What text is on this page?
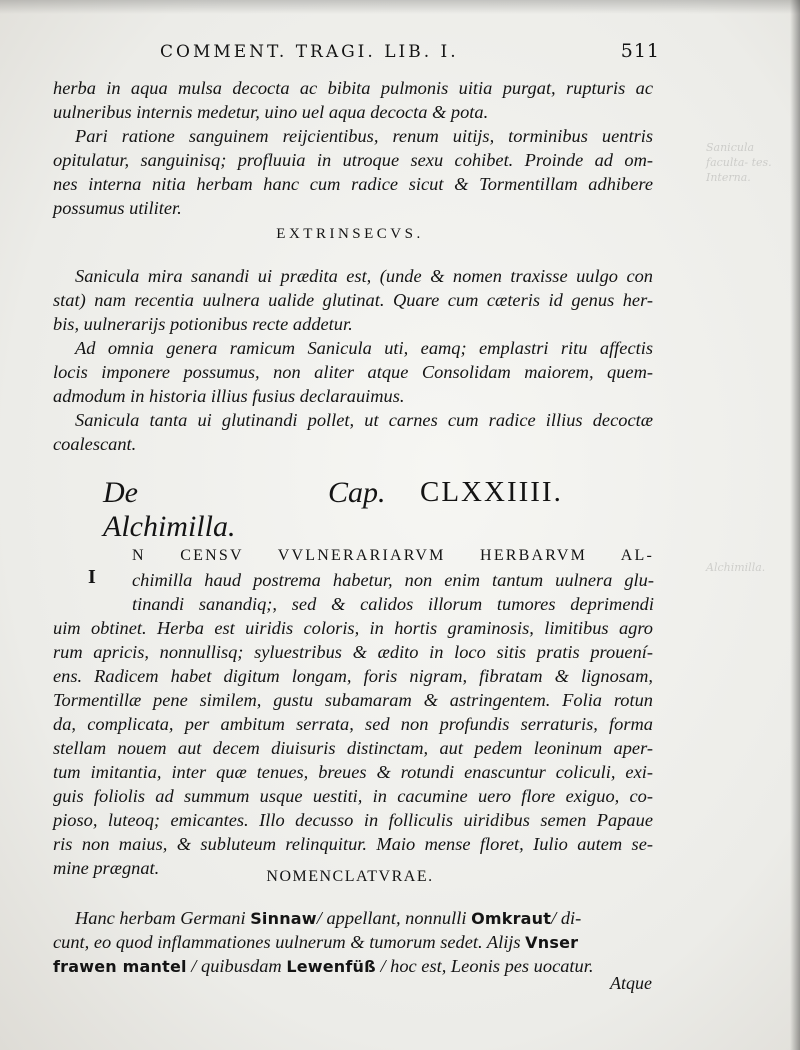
Sanicula faculta- tes. Interna.
Alchimilla.
COMMENT. TRAGI. LIB. I.	511
herba in aqua mulsa decocta ac bibita pulmonis uitia purgat, rupturis ac
uulneribus internis medetur, uino uel aqua decocta & pota.
Pari ratione sanguinem reijcientibus, renum uitijs, torminibus uentris
opitulatur, sanguinisq; profluuia in utroque sexu cohibet. Proinde ad om-
nes interna nitia herbam hanc cum radice sicut & Tormentillam adhibere
possumus utiliter.
EXTRINSECVS.
Sanicula mira sanandi ui prædita est, (unde & nomen traxisse uulgo con
stat) nam recentia uulnera ualide glutinat. Quare cum cæteris id genus her-
bis, uulnerarijs potionibus recte addetur.
Ad omnia genera ramicum Sanicula uti, eamq; emplastri ritu affectis
locis imponere possumus, non aliter atque Consolidam maiorem, quem-
admodum in historia illius fusius declarauimus.
Sanicula tanta ui glutinandi pollet, ut carnes cum radice illius decoctæ
coalescant.
De Alchimilla.
Cap. CLXXIIII.
I
N CENSV VVLNERARIARVM HERBARVM AL-
chimilla haud postrema habetur, non enim tantum uulnera glu-
tinandi sanandiq;, sed & calidos illorum tumores deprimendi
uim obtinet. Herba est uiridis coloris, in hortis graminosis, limitibus agro
rum apricis, nonnullisq; syluestribus & ædito in loco sitis pratis prouení-
ens. Radicem habet digitum longam, foris nigram, fibratam & lignosam,
Tormentillæ pene similem, gustu subamaram & astringentem. Folia rotun
da, complicata, per ambitum serrata, sed non profundis serraturis, forma
stellam nouem aut decem diuisuris distinctam, aut pedem leoninum aper-
tum imitantia, inter quæ tenues, breues & rotundi enascuntur coliculi, exi-
guis foliolis ad summum usque uestiti, in cacumine uero flore exiguo, co-
pioso, luteoq; emicantes. Illo decusso in folliculis uiridibus semen Papaue
ris non maius, & subluteum relinquitur. Maio mense floret, Iulio autem se-
mine prægnat.	NOMENCLATVRAE.
Hanc herbam Germani Sinnaw/ appellant, nonnulli Omkraut/ di-
cunt, eo quod inflammationes uulnerum & tumorum sedet. Alijs Vnser
frawen mantel / quibusdam Lewenfüß / hoc est, Leonis pes uocatur.
Atque
